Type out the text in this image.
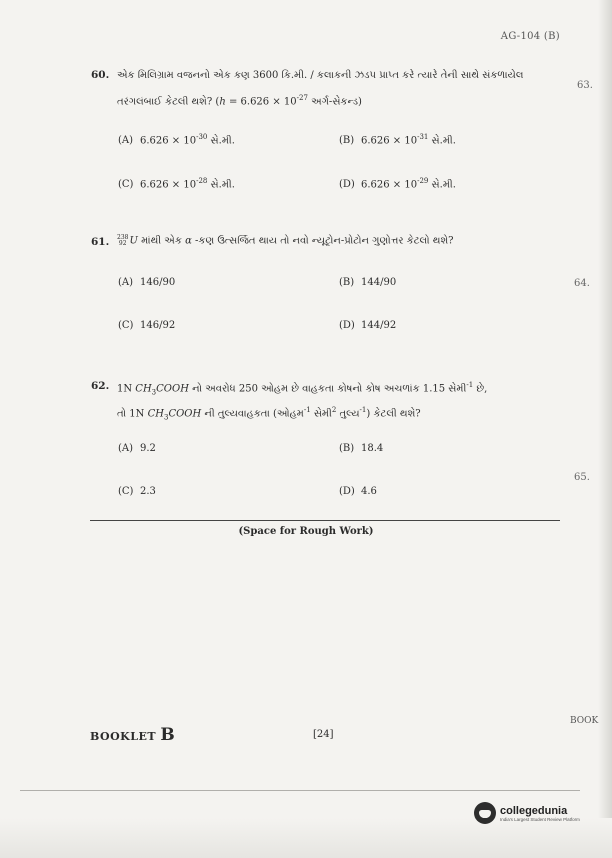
AG-104 (B)
63.
64.
65.
60. એક મિલિગ્રામ વજનનો એક કણ 3600 કિ.મી. / કલાકની ઝડપ પ્રાપ્ત કરે ત્યારે તેની સાથે સંકળાયેલ
તરંગલંબાઈ કેટલી થશે? ($h = 6.626 \times 10^{-27}$ અર્ગ-સેકન્ડ)
(A) $6.626 \times 10^{-30}$ સે.મી.	(B) $6.626 \times 10^{-31}$ સે.મી.
(C) $6.626 \times 10^{-28}$ સે.મી.	(D) $6.626 \times 10^{-29}$ સે.મી.
61. 238
92 U માંથી એક α -કણ ઉત્સર્જિત થાય તો નવો ન્યૂટ્રોન-પ્રોટોન ગુણોત્તર કેટલો થશે?
(A) 146/90	(B) 144/90
(C) 146/92	(D) 144/92
62. 1N $CH_3COOH$ નો અવરોધ 250 ઓહમ છે વાહકતા કોષનો કોષ અચળાંક 1.15 સેમી$^{-1}$ છે,
તો 1N $CH_3COOH$ ની તુલ્યવાહકતા (ઓહમ$^{-1}$ સેમી$^2$ તુલ્ય$^{-1}$) કેટલી થશે?
(A) 9.2	(B) 18.4
(C) 2.3	(D) 4.6
(Space for Rough Work)
BOOKLET B	[24]
BOOK
collegedunia
India's Largest Student Review Platform
